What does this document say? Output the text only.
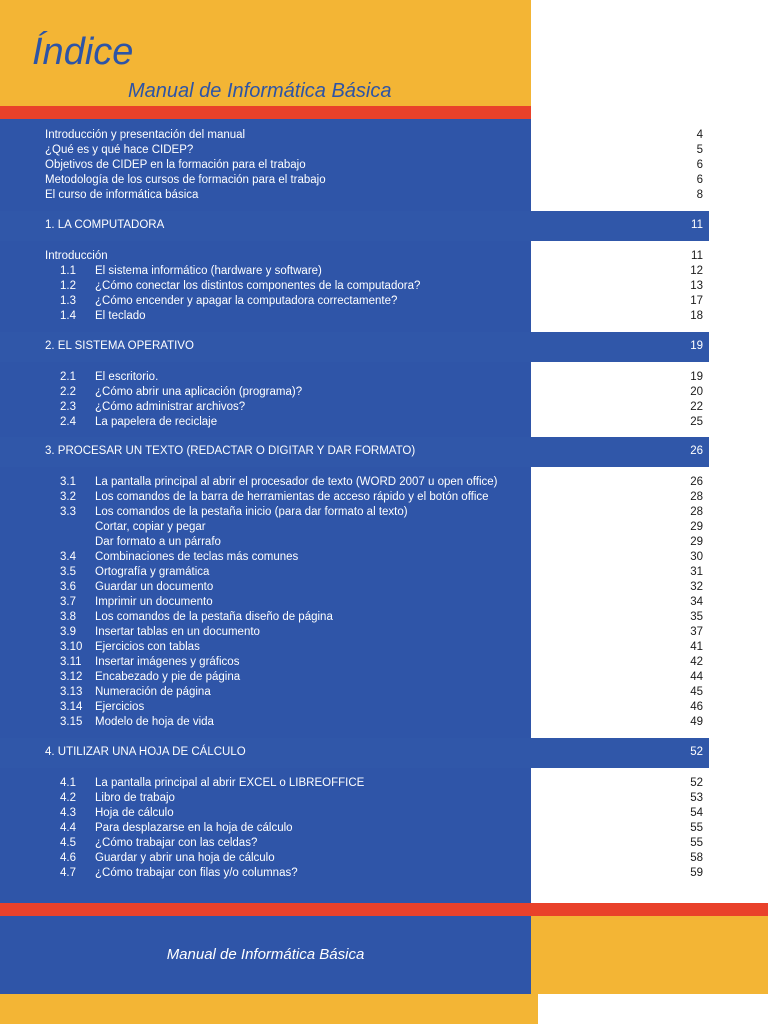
Índice
Manual de Informática Básica
Introducción y presentación del manual	4
¿Qué es y qué hace CIDEP?	5
Objetivos de CIDEP en la formación para el trabajo	6
Metodología de los cursos de formación para el trabajo	6
El curso de informática básica	8
1. LA COMPUTADORA	11
Introducción	11
1.1 El sistema informático (hardware y software)	12
1.2 ¿Cómo conectar los distintos componentes de la computadora?	13
1.3 ¿Cómo encender y apagar la computadora correctamente?	17
1.4 El teclado	18
2. EL SISTEMA OPERATIVO	19
2.1 El escritorio.	19
2.2 ¿Cómo abrir una aplicación (programa)?	20
2.3 ¿Cómo administrar archivos?	22
2.4 La papelera de reciclaje	25
3. PROCESAR UN TEXTO (REDACTAR O DIGITAR Y DAR FORMATO)	26
3.1 La pantalla principal al abrir el procesador de texto (WORD 2007 u open office)	26
3.2 Los comandos de la barra de herramientas de acceso rápido y el botón office	28
3.3 Los comandos de la pestaña inicio (para dar formato al texto)	28
Cortar, copiar y pegar	29
Dar formato a un párrafo	29
3.4 Combinaciones de teclas más comunes	30
3.5 Ortografía y gramática	31
3.6 Guardar un documento	32
3.7 Imprimir un documento	34
3.8 Los comandos de la pestaña diseño de página	35
3.9 Insertar tablas en un documento	37
3.10 Ejercicios con tablas	41
3.11 Insertar imágenes y gráficos	42
3.12 Encabezado y pie de página	44
3.13 Numeración de página	45
3.14 Ejercicios	46
3.15 Modelo de hoja de vida	49
4. UTILIZAR UNA HOJA DE CÁLCULO	52
4.1 La pantalla principal al abrir EXCEL o LIBREOFFICE	52
4.2 Libro de trabajo	53
4.3 Hoja de cálculo	54
4.4 Para desplazarse en la hoja de cálculo	55
4.5 ¿Cómo trabajar con las celdas?	55
4.6 Guardar y abrir una hoja de cálculo	58
4.7 ¿Cómo trabajar con filas y/o columnas?	59
Manual de Informática Básica
